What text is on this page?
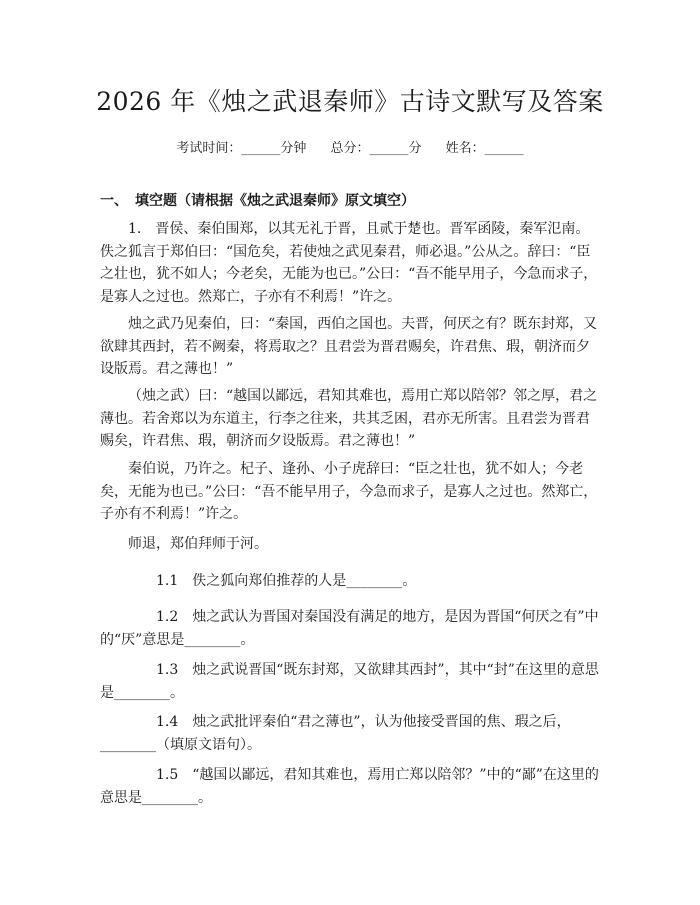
2026 年《烛之武退秦师》古诗文默写及答案
考试时间：______分钟 总分：______分 姓名：______
一、　填空题（请根据《烛之武退秦师》原文填空）

1.　晋侯、秦伯围郑，以其无礼于晋，且贰于楚也。晋军函陵，秦军氾南。佚之狐言于郑伯曰：“国危矣，若使烛之武见秦君，师必退。”公从之。辞曰：“臣之壮也，犹不如人；今老矣，无能为也已。”公曰：“吾不能早用子，今急而求子，是寡人之过也。然郑亡，子亦有不利焉！”许之。

烛之武乃见秦伯，曰：“秦国，西伯之国也。夫晋，何厌之有？既东封郑，又欲肆其西封，若不阙秦，将焉取之？且君尝为晋君赐矣，许君焦、瑕，朝济而夕设版焉。君之薄也！”

（烛之武）曰：“越国以鄙远，君知其难也，焉用亡郑以陪邻？邻之厚，君之薄也。若舍郑以为东道主，行李之往来，共其乏困，君亦无所害。且君尝为晋君赐矣，许君焦、瑕，朝济而夕设版焉。君之薄也！”

秦伯说，乃许之。杞子、逢孙、小子虎辞曰：“臣之壮也，犹不如人；今老矣，无能为也已。”公曰：“吾不能早用子，今急而求子，是寡人之过也。然郑亡，子亦有不利焉！”许之。

师退，郑伯拜师于河。

1.1　佚之狐向郑伯推荐的人是________。

1.2　烛之武认为晋国对秦国没有满足的地方，是因为晋国“何厌之有”中的“厌”意思是________。

1.3　烛之武说晋国“既东封郑，又欲肆其西封”，其中“封”在这里的意思是________。

1.4　烛之武批评秦伯“君之薄也”，认为他接受晋国的焦、瑕之后，________（填原文语句）。

1.5　“越国以鄙远，君知其难也，焉用亡郑以陪邻？”中的“鄙”在这里的意思是________。
